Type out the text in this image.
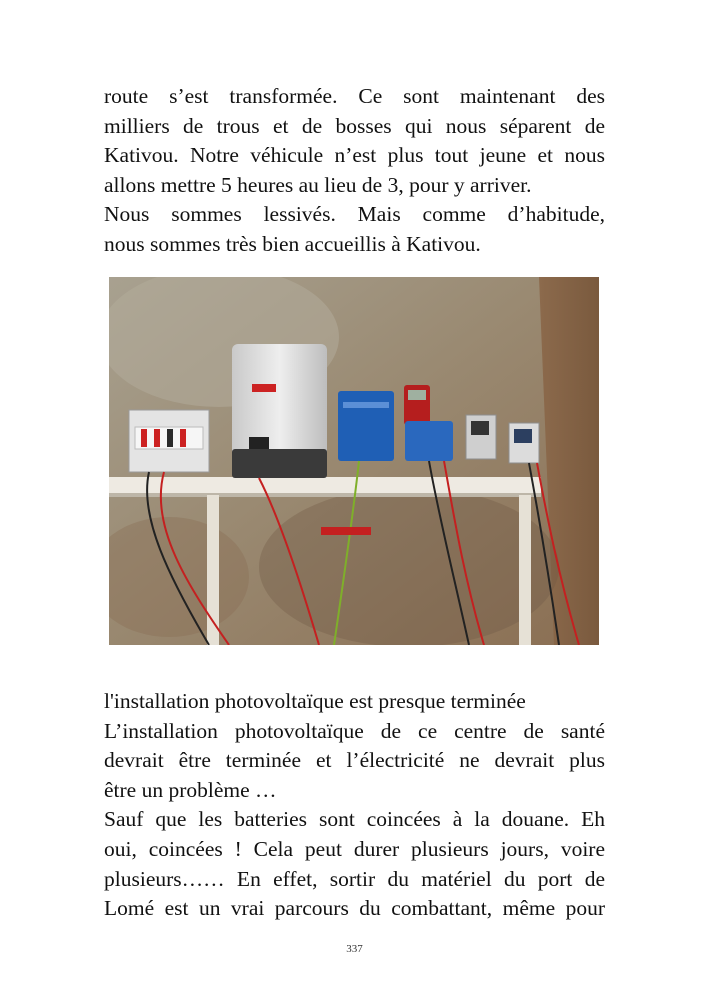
route s’est transformée. Ce sont maintenant des
milliers de trous et de bosses qui nous séparent de
Kativou. Notre véhicule n’est plus tout jeune et nous
allons mettre 5 heures au lieu de 3, pour y arriver.
Nous sommes lessivés. Mais comme d’habitude,
nous sommes très bien accueillis à Kativou.
l'installation photovoltaïque est presque terminée
L’installation photovoltaïque de ce centre de santé
devrait être terminée et l’électricité ne devrait plus
être un problème …
Sauf que les batteries sont coincées à la douane. Eh
oui, coincées ! Cela peut durer plusieurs jours, voire
plusieurs…… En effet, sortir du matériel du port de
Lomé est un vrai parcours du combattant, même pour
337
